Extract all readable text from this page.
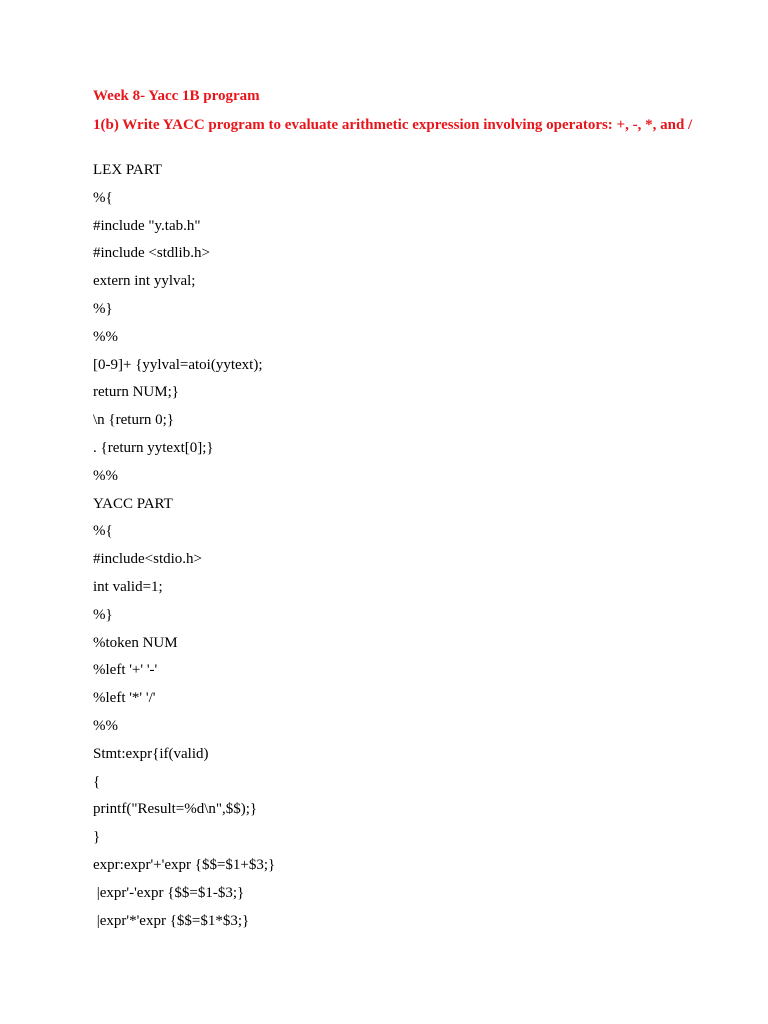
Week 8- Yacc 1B program

1(b) Write YACC program to evaluate arithmetic expression involving operators: +, -, *, and /

LEX PART
%{
#include "y.tab.h"
#include <stdlib.h>
extern int yylval;
%}
%%
[0-9]+ {yylval=atoi(yytext);
return NUM;}
\n {return 0;}
. {return yytext[0];}
%%
YACC PART
%{
#include<stdio.h>
int valid=1;
%}
%token NUM
%left '+' '-'
%left '*' '/'
%%
Stmt:expr{if(valid)
{
printf("Result=%d\n",$$);}
}
expr:expr'+'expr {$$=$1+$3;}
|expr'-'expr {$$=$1-$3;}
|expr'*'expr {$$=$1*$3;}
